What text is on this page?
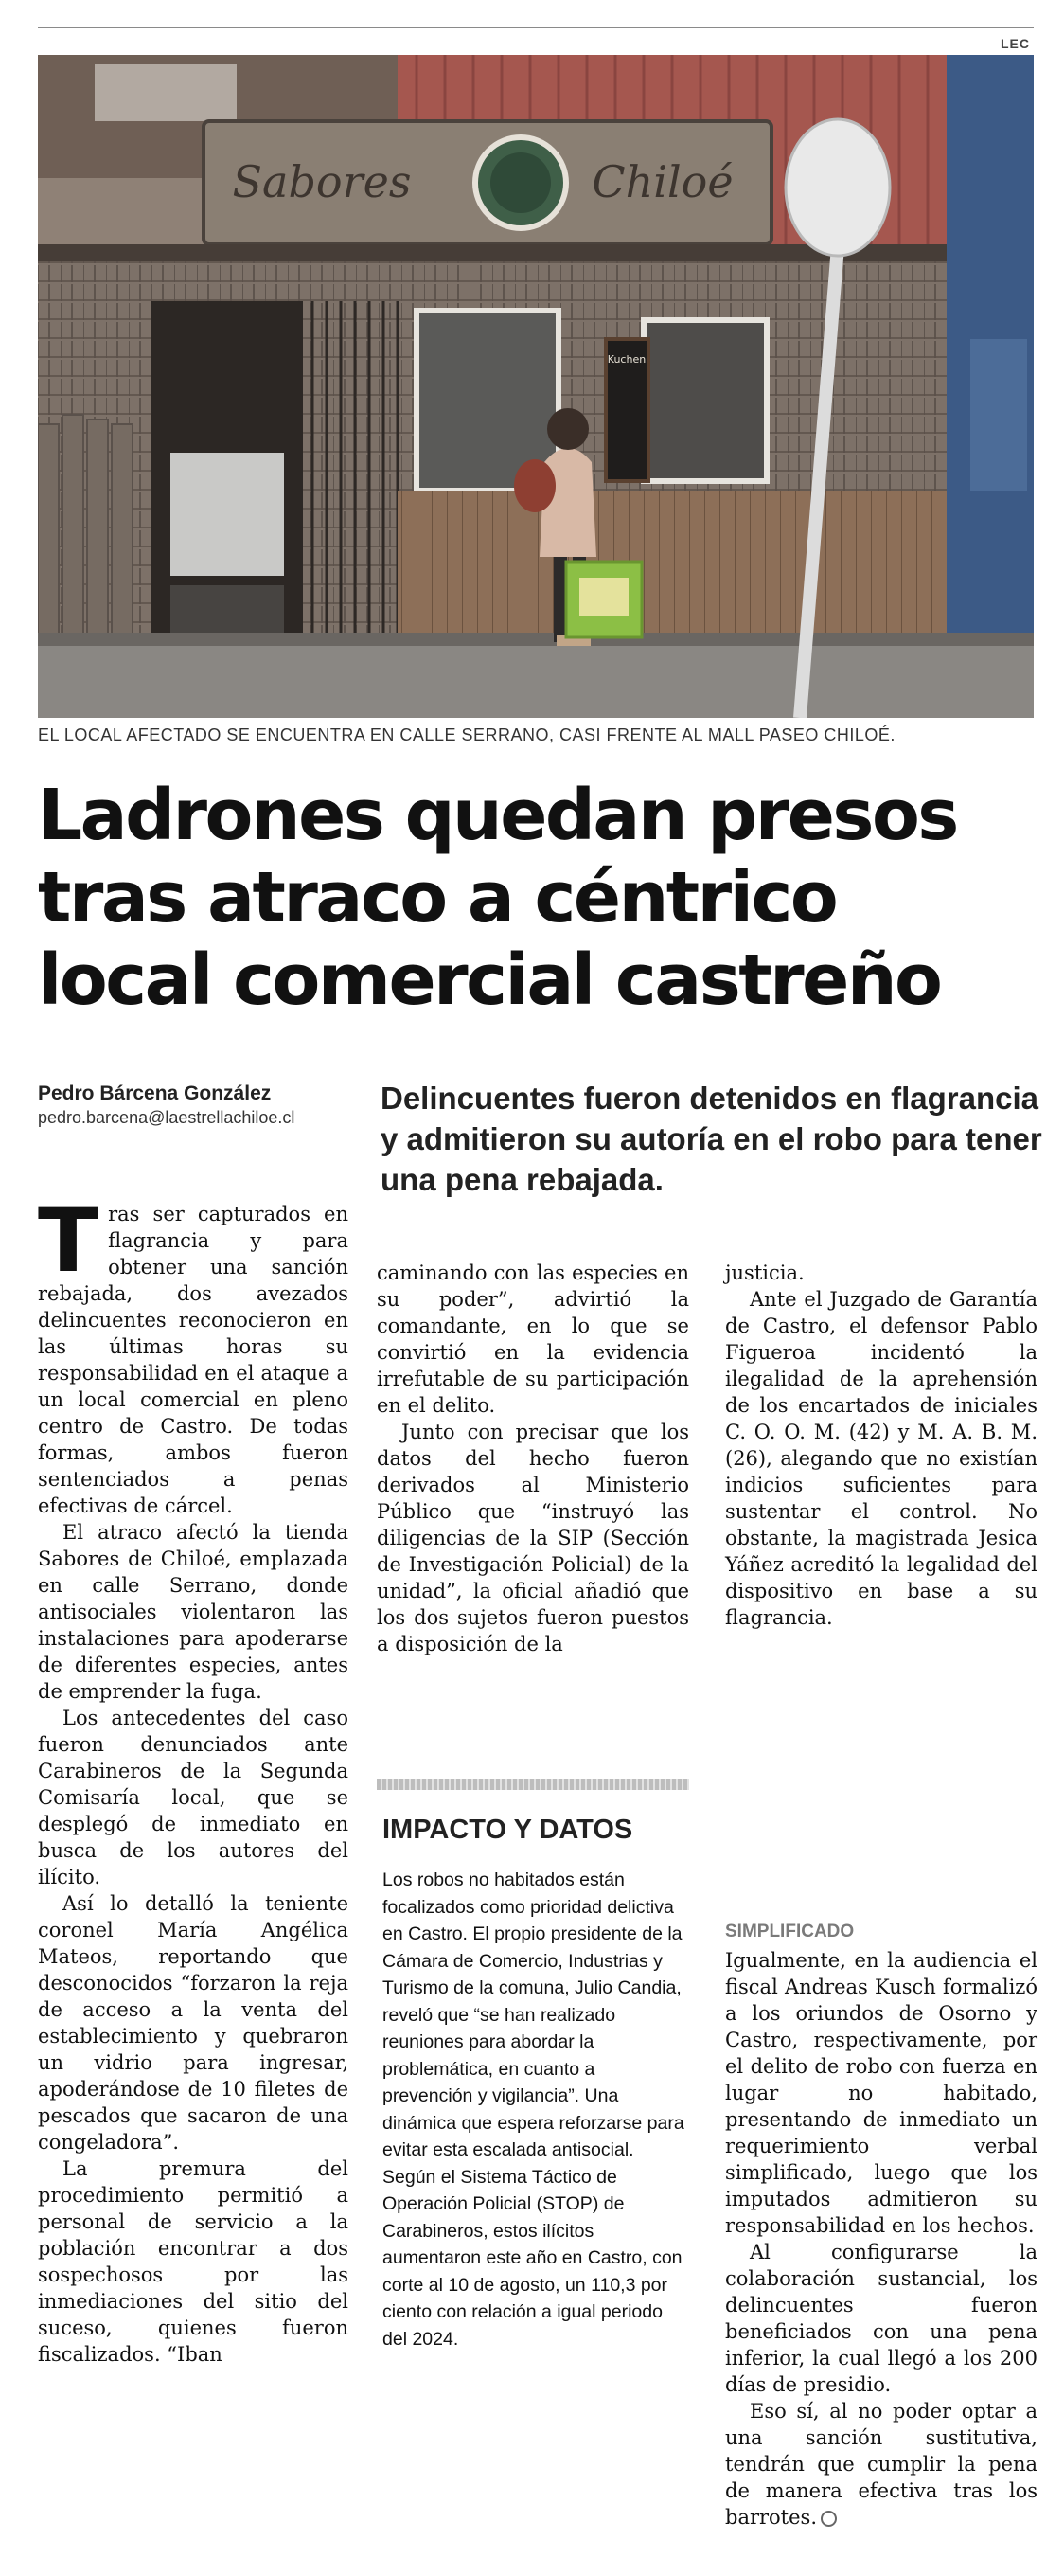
LEC
Sabores	Chiloé
Kuchen
EL LOCAL AFECTADO SE ENCUENTRA EN CALLE SERRANO, CASI FRENTE AL MALL PASEO CHILOÉ.
Ladrones quedan presos
tras atraco a céntrico
local comercial castreño
Pedro Bárcena González
pedro.barcena@laestrellachiloe.cl
Delincuentes fueron detenidos en flagrancia y admitieron su autoría en el robo para tener una pena rebajada.

Tras ser capturados en flagrancia y para obtener una sanción rebajada, dos avezados delincuentes reconocieron en las últimas horas su responsabilidad en el ataque a un local comercial en pleno centro de Castro. De todas formas, ambos fueron sentenciados a penas efectivas de cárcel.

El atraco afectó la tienda Sabores de Chiloé, emplazada en calle Serrano, donde antisociales violentaron las instalaciones para apoderarse de diferentes especies, antes de emprender la fuga.

Los antecedentes del caso fueron denunciados ante Carabineros de la Segunda Comisaría local, que se desplegó de inmediato en busca de los autores del ilícito.

Así lo detalló la teniente coronel María Angélica Mateos, reportando que desconocidos “forzaron la reja de acceso a la venta del establecimiento y quebraron un vidrio para ingresar, apoderándose de 10 filetes de pescados que sacaron de una congeladora”.

La premura del procedimiento permitió a personal de servicio a la población encontrar a dos sospechosos por las inmediaciones del sitio del suceso, quienes fueron fiscalizados. “Iban

caminando con las especies en su poder”, advirtió la comandante, en lo que se convirtió en la evidencia irrefutable de su participación en el delito.

Junto con precisar que los datos del hecho fueron derivados al Ministerio Público que “instruyó las diligencias de la SIP (Sección de Investigación Policial) de la unidad”, la oficial añadió que los dos sujetos fueron puestos a disposición de la

IMPACTO Y DATOS

Los robos no habitados están focalizados como prioridad delictiva en Castro. El propio presidente de la Cámara de Comercio, Industrias y Turismo de la comuna, Julio Candia, reveló que “se han realizado reuniones para abordar la problemática, en cuanto a prevención y vigilancia”. Una dinámica que espera reforzarse para evitar esta escalada antisocial. Según el Sistema Táctico de Operación Policial (STOP) de Carabineros, estos ilícitos aumentaron este año en Castro, con corte al 10 de agosto, un 110,3 por ciento con relación a igual periodo del 2024.

justicia.

Ante el Juzgado de Garantía de Castro, el defensor Pablo Figueroa incidentó la ilegalidad de la aprehensión de los encartados de iniciales C. O. O. M. (42) y M. A. B. M. (26), alegando que no existían indicios suficientes para sustentar el control. No obstante, la magistrada Jesica Yáñez acreditó la legalidad del dispositivo en base a su flagrancia.

SIMPLIFICADO

Igualmente, en la audiencia el fiscal Andreas Kusch formalizó a los oriundos de Osorno y Castro, respectivamente, por el delito de robo con fuerza en lugar no habitado, presentando de inmediato un requerimiento verbal simplificado, luego que los imputados admitieron su responsabilidad en los hechos.

Al configurarse la colaboración sustancial, los delincuentes fueron beneficiados con una pena inferior, la cual llegó a los 200 días de presidio.

Eso sí, al no poder optar a una sanción sustitutiva, tendrán que cumplir la pena de manera efectiva tras los barrotes.
